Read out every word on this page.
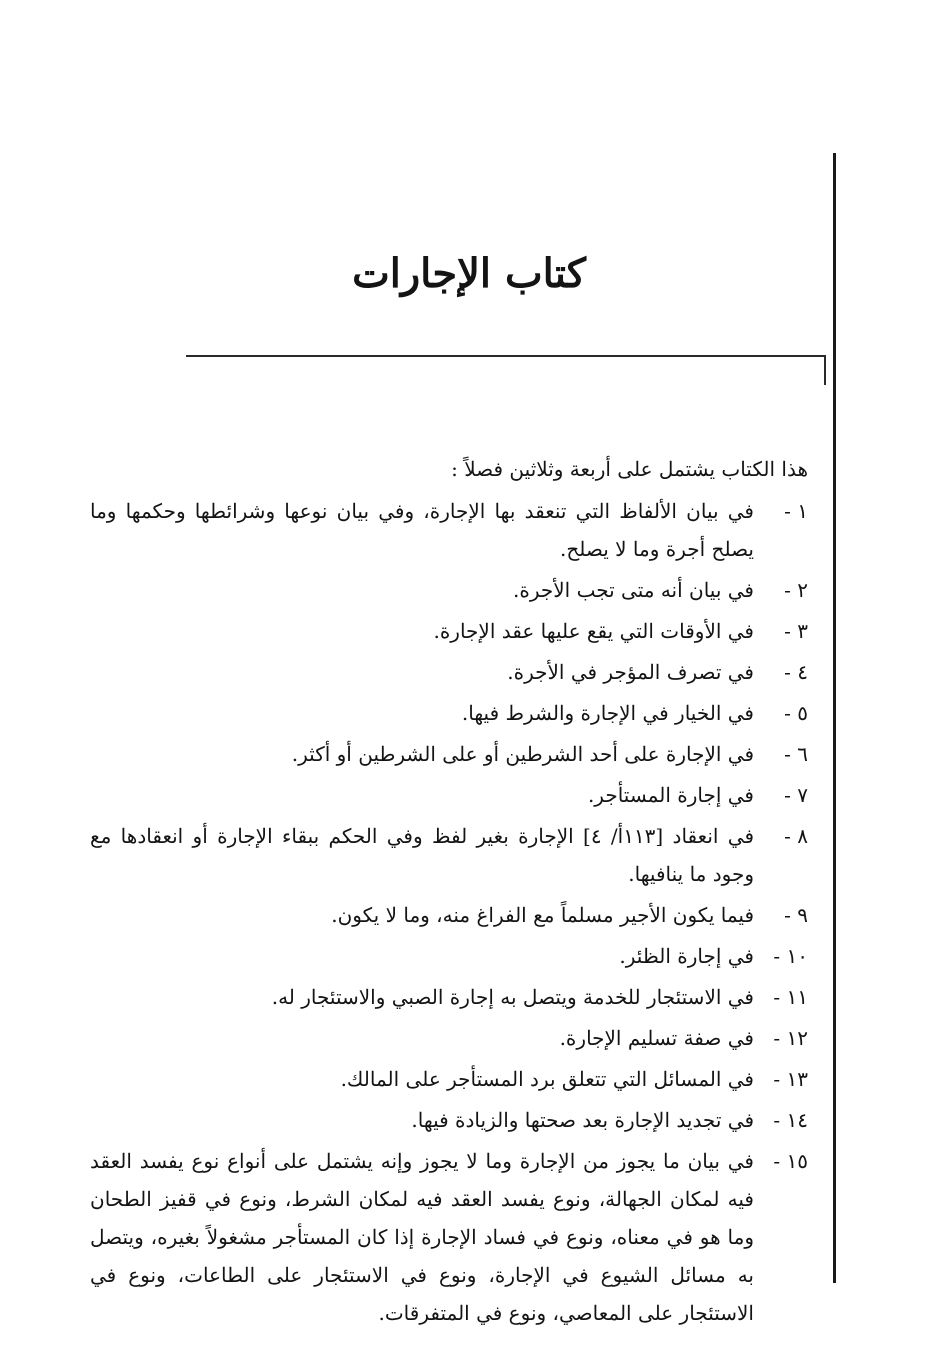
كتاب الإجارات

هذا الكتاب يشتمل على أربعة وثلاثين فصلاً :

١ -
في بيان الألفاظ التي تنعقد بها الإجارة، وفي بيان نوعها وشرائطها وحكمها وما يصلح أجرة وما لا يصلح.
٢ -
في بيان أنه متى تجب الأجرة.
٣ -
في الأوقات التي يقع عليها عقد الإجارة.
٤ -
في تصرف المؤجر في الأجرة.
٥ -
في الخيار في الإجارة والشرط فيها.
٦ -
في الإجارة على أحد الشرطين أو على الشرطين أو أكثر.
٧ -
في إجارة المستأجر.
٨ -
في انعقاد [١١٣أ/ ٤] الإجارة بغير لفظ وفي الحكم ببقاء الإجارة أو انعقادها مع وجود ما ينافيها.
٩ -
فيما يكون الأجير مسلماً مع الفراغ منه، وما لا يكون.
١٠ -
في إجارة الظئر.
١١ -
في الاستئجار للخدمة ويتصل به إجارة الصبي والاستئجار له.
١٢ -
في صفة تسليم الإجارة.
١٣ -
في المسائل التي تتعلق برد المستأجر على المالك.
١٤ -
في تجديد الإجارة بعد صحتها والزيادة فيها.
١٥ -
في بيان ما يجوز من الإجارة وما لا يجوز وإنه يشتمل على أنواع نوع يفسد العقد فيه لمكان الجهالة، ونوع يفسد العقد فيه لمكان الشرط، ونوع في قفيز الطحان وما هو في معناه، ونوع في فساد الإجارة إذا كان المستأجر مشغولاً بغيره، ويتصل به مسائل الشيوع في الإجارة، ونوع في الاستئجار على الطاعات، ونوع في الاستئجار على المعاصي، ونوع في المتفرقات.
